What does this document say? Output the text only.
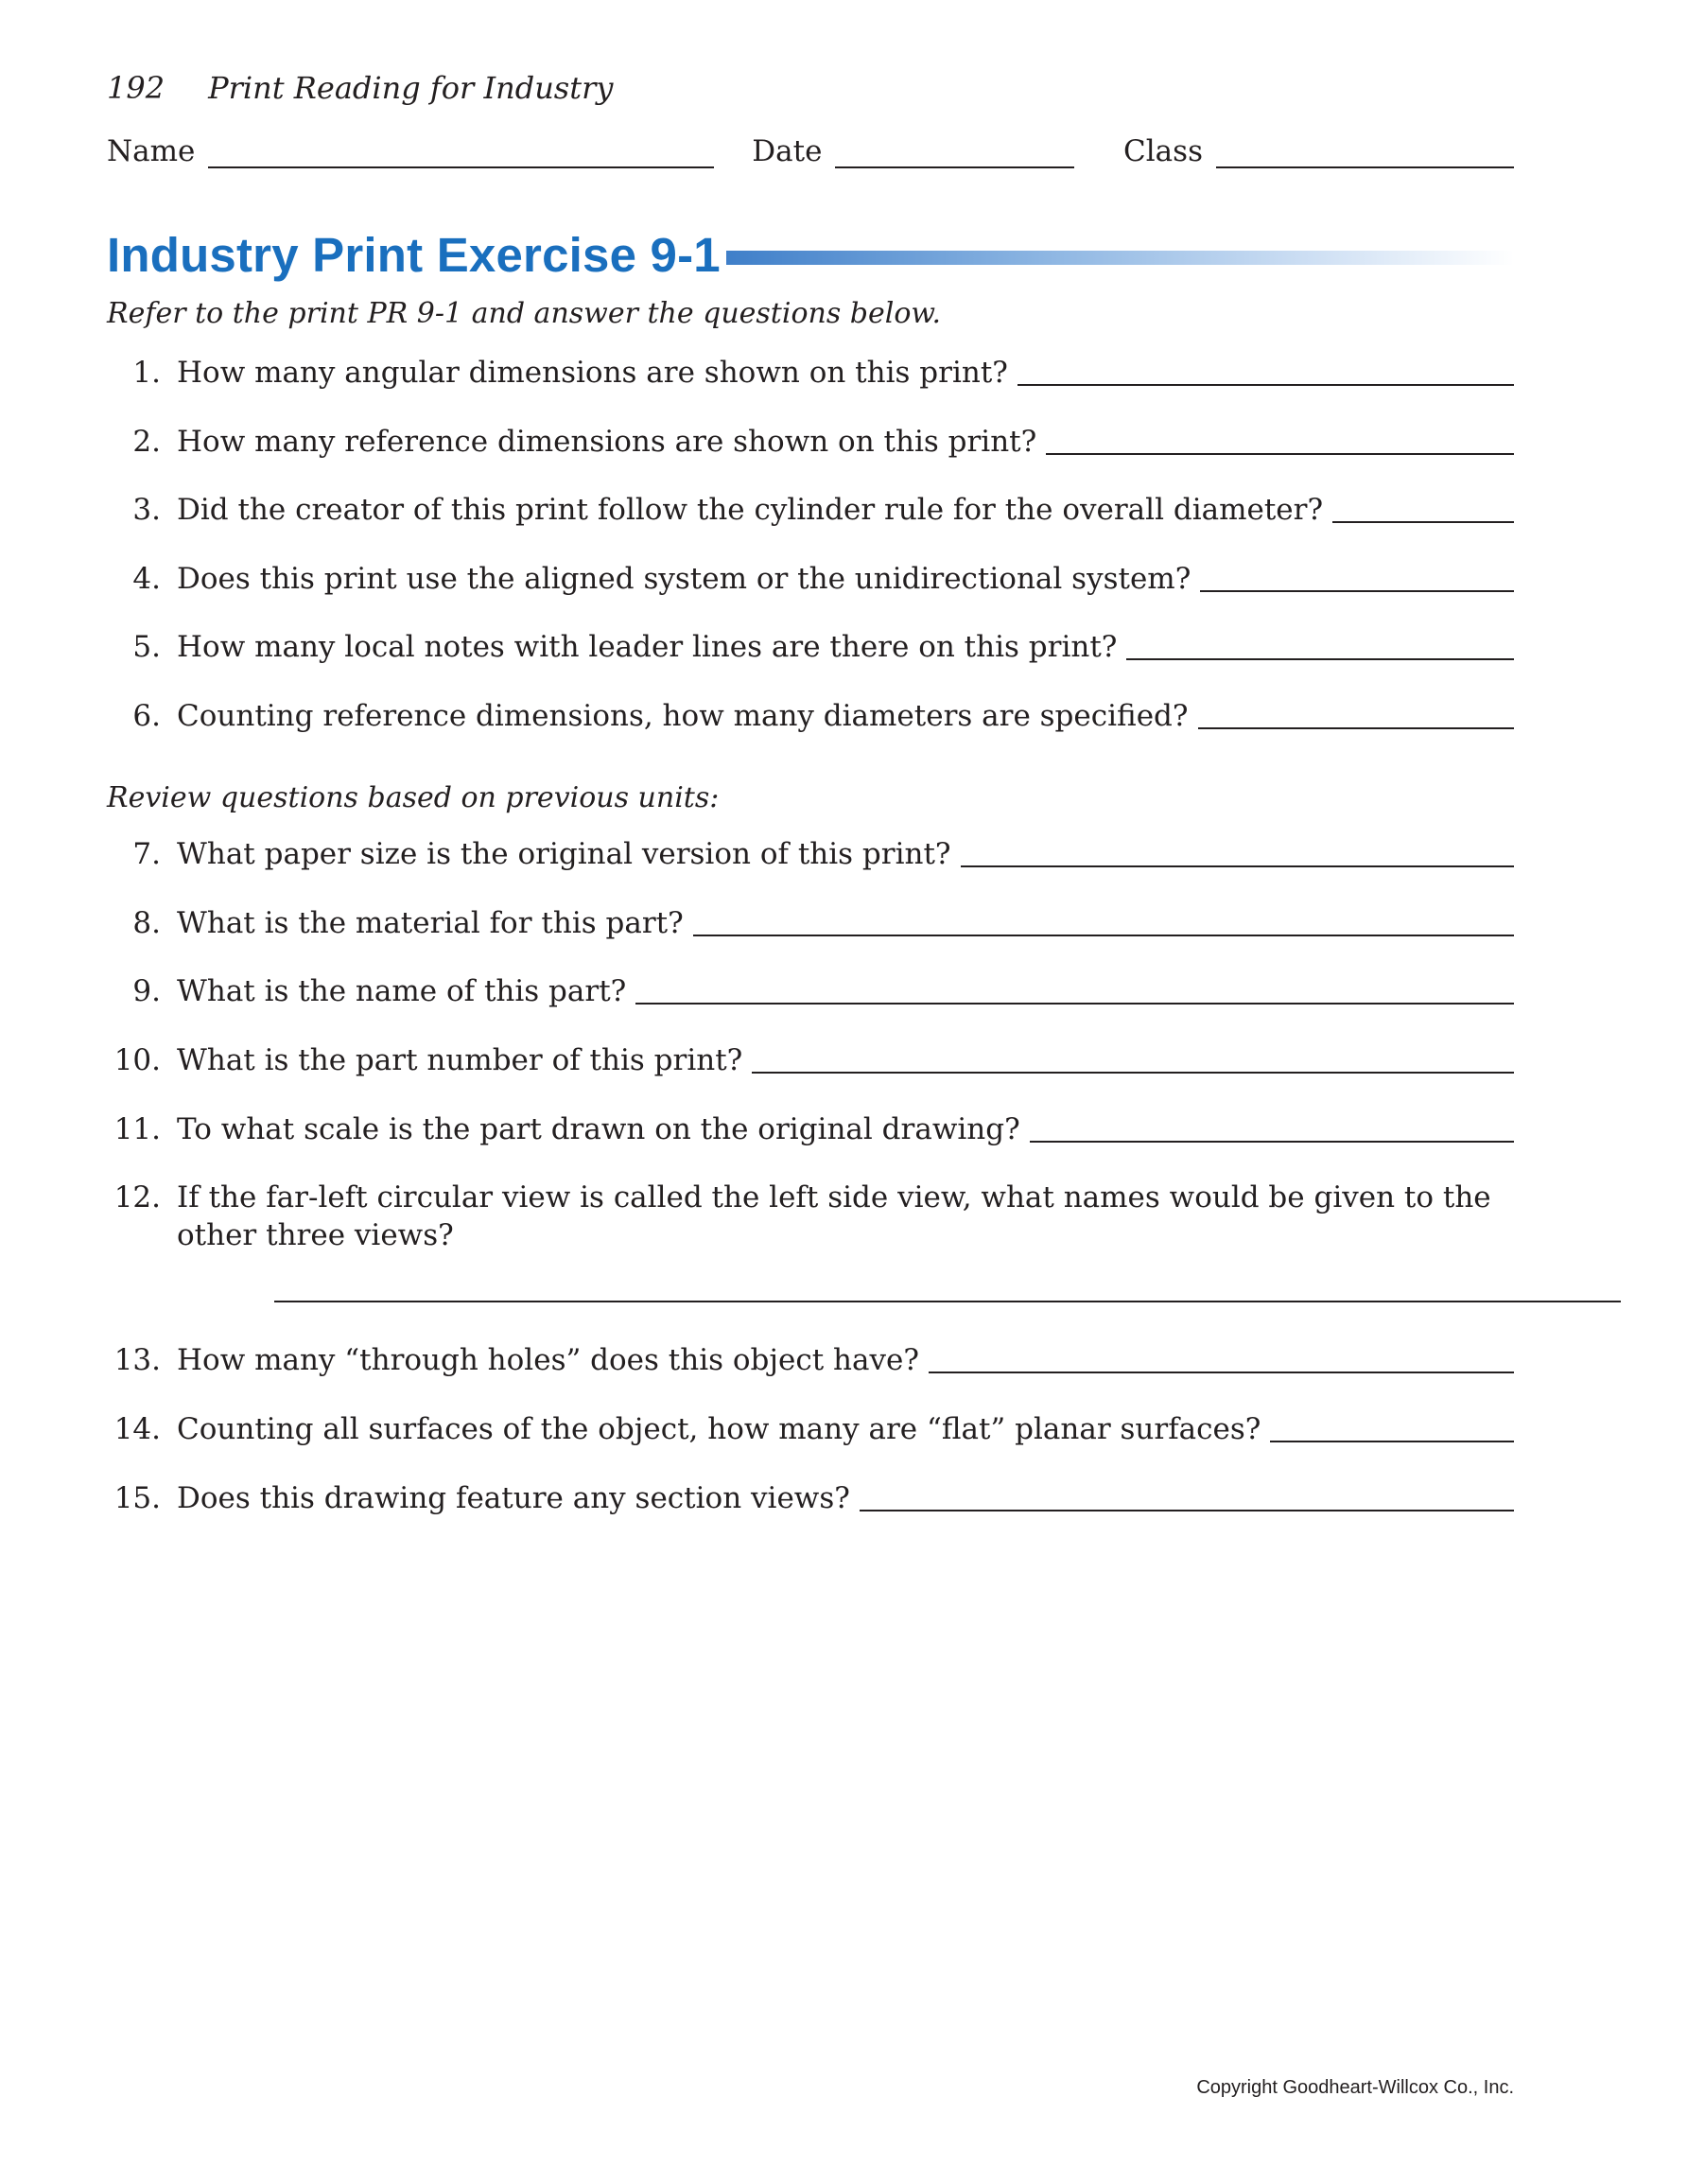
192 Print Reading for Industry
Name	Date	Class
Industry Print Exercise 9-1
Refer to the print PR 9-1 and answer the questions below.
1. How many angular dimensions are shown on this print?
2. How many reference dimensions are shown on this print?
3. Did the creator of this print follow the cylinder rule for the overall diameter?
4. Does this print use the aligned system or the unidirectional system?
5. How many local notes with leader lines are there on this print?
6. Counting reference dimensions, how many diameters are specified?
Review questions based on previous units:
7. What paper size is the original version of this print?
8. What is the material for this part?
9. What is the name of this part?
10. What is the part number of this print?
11. To what scale is the part drawn on the original drawing?
12. If the far-left circular view is called the left side view, what names would be given to the other three views?
13. How many “through holes” does this object have?
14. Counting all surfaces of the object, how many are “flat” planar surfaces?
15. Does this drawing feature any section views?
Copyright Goodheart-Willcox Co., Inc.
